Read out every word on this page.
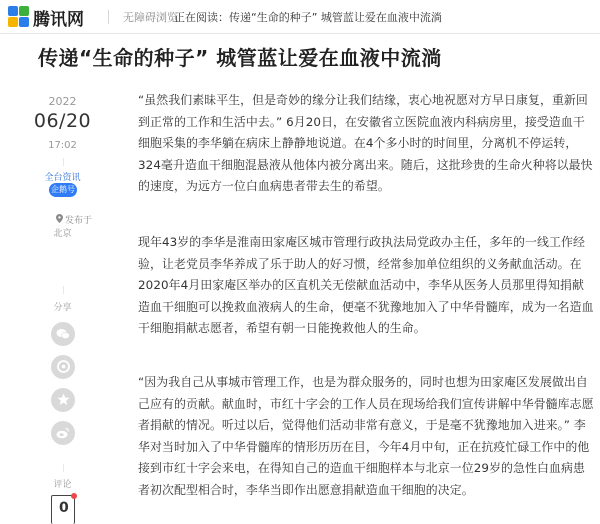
腾讯网	无障碍浏览
正在阅读：传递“生命的种子” 城管蓝让爱在血液中流淌
传递“生命的种子” 城管蓝让爱在血液中流淌
2022
06/20
17:02
全台资讯
企鹅号
发布于
北京
分享
评论
0

“虽然我们素昧平生，但是奇妙的缘分让我们结缘，衷心地祝愿对方早日康复，重新回到正常的工作和生活中去。” 6月20日，在安徽省立医院血液内科病房里，接受造血干细胞采集的李华躺在病床上静静地说道。在4个多小时的时间里，分离机不停运转，324毫升造血干细胞混悬液从他体内被分离出来。随后，这批珍贵的生命火种将以最快的速度，为远方一位白血病患者带去生的希望。

现年43岁的李华是淮南田家庵区城市管理行政执法局党政办主任，多年的一线工作经验，让老党员李华养成了乐于助人的好习惯，经常参加单位组织的义务献血活动。在2020年4月田家庵区举办的区直机关无偿献血活动中，李华从医务人员那里得知捐献造血干细胞可以挽救血液病人的生命，便毫不犹豫地加入了中华骨髓库，成为一名造血干细胞捐献志愿者，希望有朝一日能挽救他人的生命。

“因为我自己从事城市管理工作，也是为群众服务的，同时也想为田家庵区发展做出自己应有的贡献。献血时，市红十字会的工作人员在现场给我们宣传讲解中华骨髓库志愿者捐献的情况。听过以后，觉得他们活动非常有意义，于是毫不犹豫地加入进来。” 李华对当时加入了中华骨髓库的情形历历在目，今年4月中旬，正在抗疫忙碌工作中的他接到市红十字会来电，在得知自己的造血干细胞样本与北京一位29岁的急性白血病患者初次配型相合时，李华当即作出愿意捐献造血干细胞的决定。
